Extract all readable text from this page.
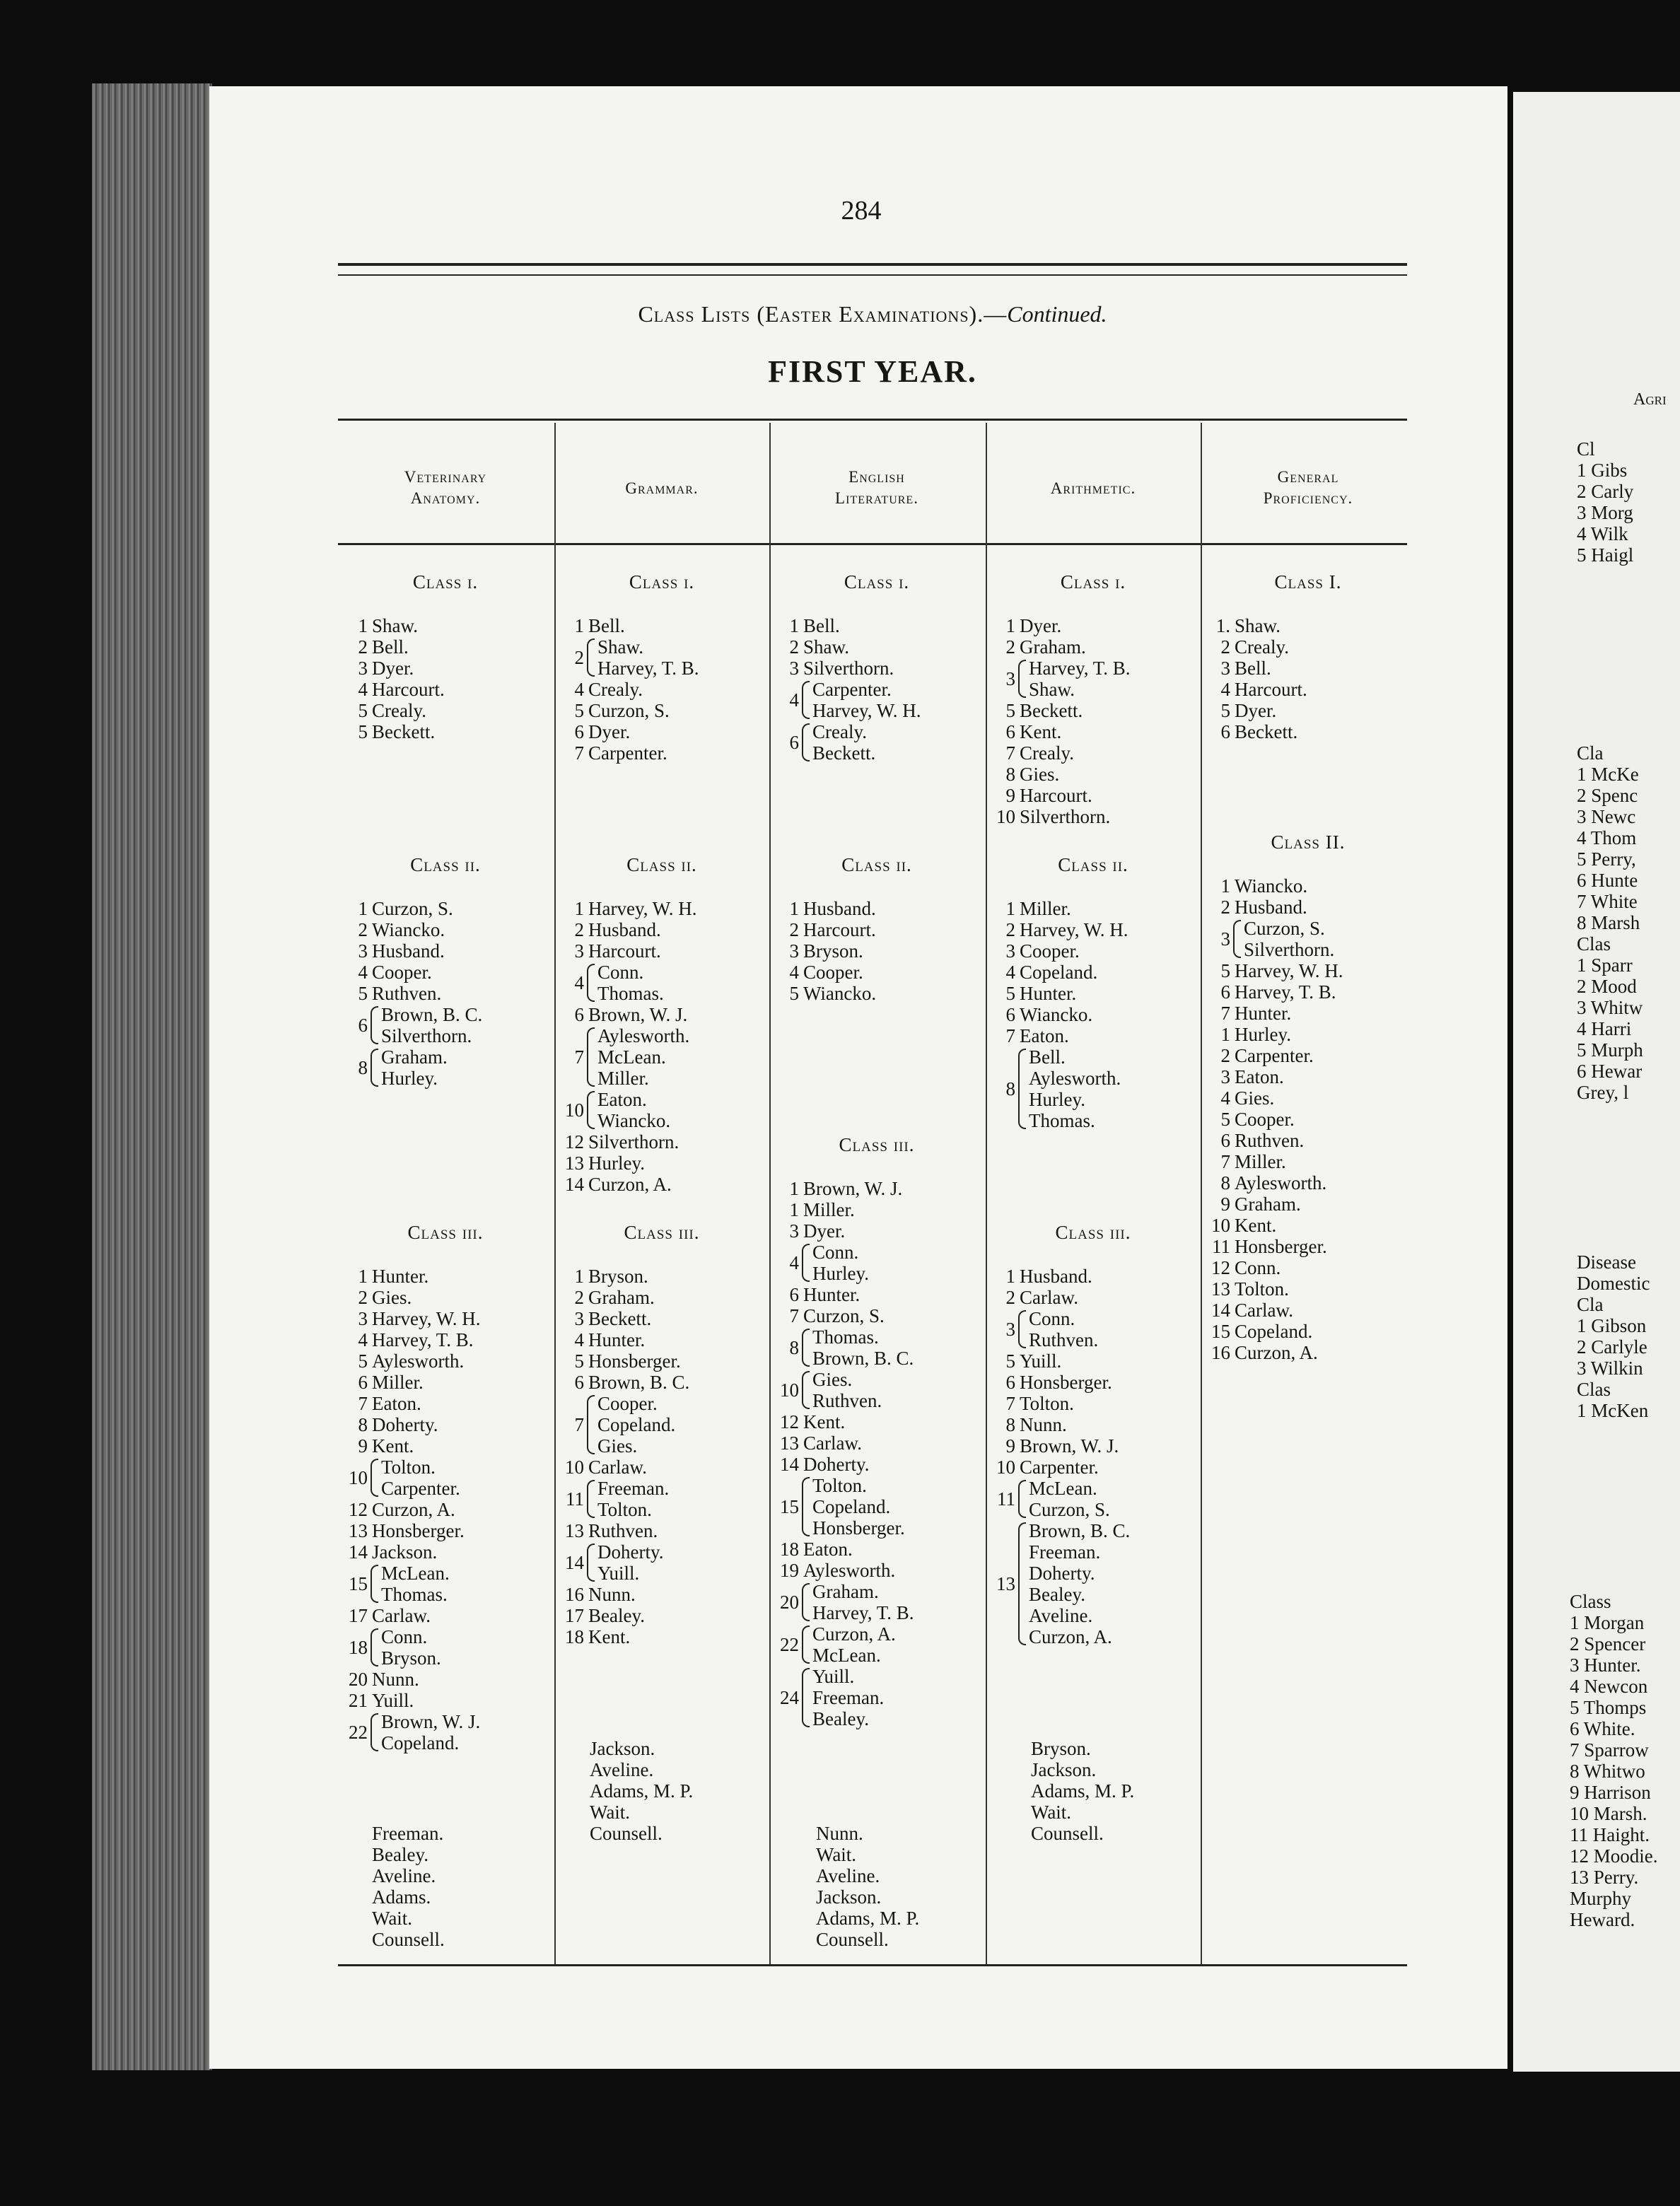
284
Class Lists (Easter Examinations).—Continued.
FIRST YEAR.
Veterinary
Anatomy.
Class i.
1 Shaw.
2 Bell.
3 Dyer.
4 Harcourt.
5 Crealy.
5 Beckett.
Class ii.
1 Curzon, S.
2 Wiancko.
3 Husband.
4 Cooper.
5 Ruthven.
6 Brown, B. C.
Silverthorn.
8 Graham.
Hurley.
Class iii.
1 Hunter.
2 Gies.
3 Harvey, W. H.
4 Harvey, T. B.
5 Aylesworth.
6 Miller.
7 Eaton.
8 Doherty.
9 Kent.
10 Tolton.
Carpenter.
12 Curzon, A.
13 Honsberger.
14 Jackson.
15 McLean.
Thomas.
17 Carlaw.
18 Conn.
Bryson.
20 Nunn.
21 Yuill.
22 Brown, W. J.
Copeland.
Freeman.
Bealey.
Aveline.
Adams.
Wait.
Counsell.
Grammar.
Class i.
1 Bell.
2 Shaw.
Harvey, T. B.
4 Crealy.
5 Curzon, S.
6 Dyer.
7 Carpenter.
Class ii.
1 Harvey, W. H.
2 Husband.
3 Harcourt.
4 Conn.
Thomas.
6 Brown, W. J.
7
Aylesworth.
McLean.
Miller.
10 Eaton.
Wiancko.
12 Silverthorn.
13 Hurley.
14 Curzon, A.
Class iii.
1 Bryson.
2 Graham.
3 Beckett.
4 Hunter.
5 Honsberger.
6 Brown, B. C.
7
Cooper.
Copeland.
Gies.
10 Carlaw.
11 Freeman.
Tolton.
13 Ruthven.
14 Doherty.
Yuill.
16 Nunn.
17 Bealey.
18 Kent.
Jackson.
Aveline.
Adams, M. P.
Wait.
Counsell.
English
Literature.
Class i.
1 Bell.
2 Shaw.
3 Silverthorn.
4 Carpenter.
Harvey, W. H.
6 Crealy.
Beckett.
Class ii.
1 Husband.
2 Harcourt.
3 Bryson.
4 Cooper.
5 Wiancko.
Class iii.
1 Brown, W. J.
1 Miller.
3 Dyer.
4 Conn.
Hurley.
6 Hunter.
7 Curzon, S.
8 Thomas.
Brown, B. C.
10 Gies.
Ruthven.
12 Kent.
13 Carlaw.
14 Doherty.
15
Tolton.
Copeland.
Honsberger.
18 Eaton.
19 Aylesworth.
20 Graham.
Harvey, T. B.
22 Curzon, A.
McLean.
24
Yuill.
Freeman.
Bealey.
Nunn.
Wait.
Aveline.
Jackson.
Adams, M. P.
Counsell.
Arithmetic.
Class i.
1 Dyer.
2 Graham.
3 Harvey, T. B.
Shaw.
5 Beckett.
6 Kent.
7 Crealy.
8 Gies.
9 Harcourt.
10 Silverthorn.
Class ii.
1 Miller.
2 Harvey, W. H.
3 Cooper.
4 Copeland.
5 Hunter.
6 Wiancko.
7 Eaton.
8
Bell.
Aylesworth.
Hurley.
Thomas.
Class iii.
1 Husband.
2 Carlaw.
3 Conn.
Ruthven.
5 Yuill.
6 Honsberger.
7 Tolton.
8 Nunn.
9 Brown, W. J.
10 Carpenter.
11 McLean.
Curzon, S.
13
Brown, B. C.
Freeman.
Doherty.
Bealey.
Aveline.
Curzon, A.
Bryson.
Jackson.
Adams, M. P.
Wait.
Counsell.
General
Proficiency.
Class I.
1. Shaw.
2 Crealy.
3 Bell.
4 Harcourt.
5 Dyer.
6 Beckett.
Class II.
1 Wiancko.
2 Husband.
3 Curzon, S.
Silverthorn.
5 Harvey, W. H.
6 Harvey, T. B.
7 Hunter.
1 Hurley.
2 Carpenter.
3 Eaton.
4 Gies.
5 Cooper.
6 Ruthven.
7 Miller.
8 Aylesworth.
9 Graham.
10 Kent.
11 Honsberger.
12 Conn.
13 Tolton.
14 Carlaw.
15 Copeland.
16 Curzon, A.
Agri
Cl
1 Gibs
2 Carly
3 Morg
4 Wilk
5 Haigl
Cla
1 McKe
2 Spenc
3 Newc
4 Thom
5 Perry,
6 Hunte
7 White
8 Marsh
Clas
1 Sparr
2 Mood
3 Whitw
4 Harri
5 Murph
6 Hewar
Grey, l
Disease
Domestic
Cla
1 Gibson
2 Carlyle
3 Wilkin
Clas
1 McKen
Class
1 Morgan
2 Spencer
3 Hunter.
4 Newcon
5 Thomps
6 White.
7 Sparrow
8 Whitwo
9 Harrison
10 Marsh.
11 Haight.
12 Moodie.
13 Perry.
Murphy
Heward.
